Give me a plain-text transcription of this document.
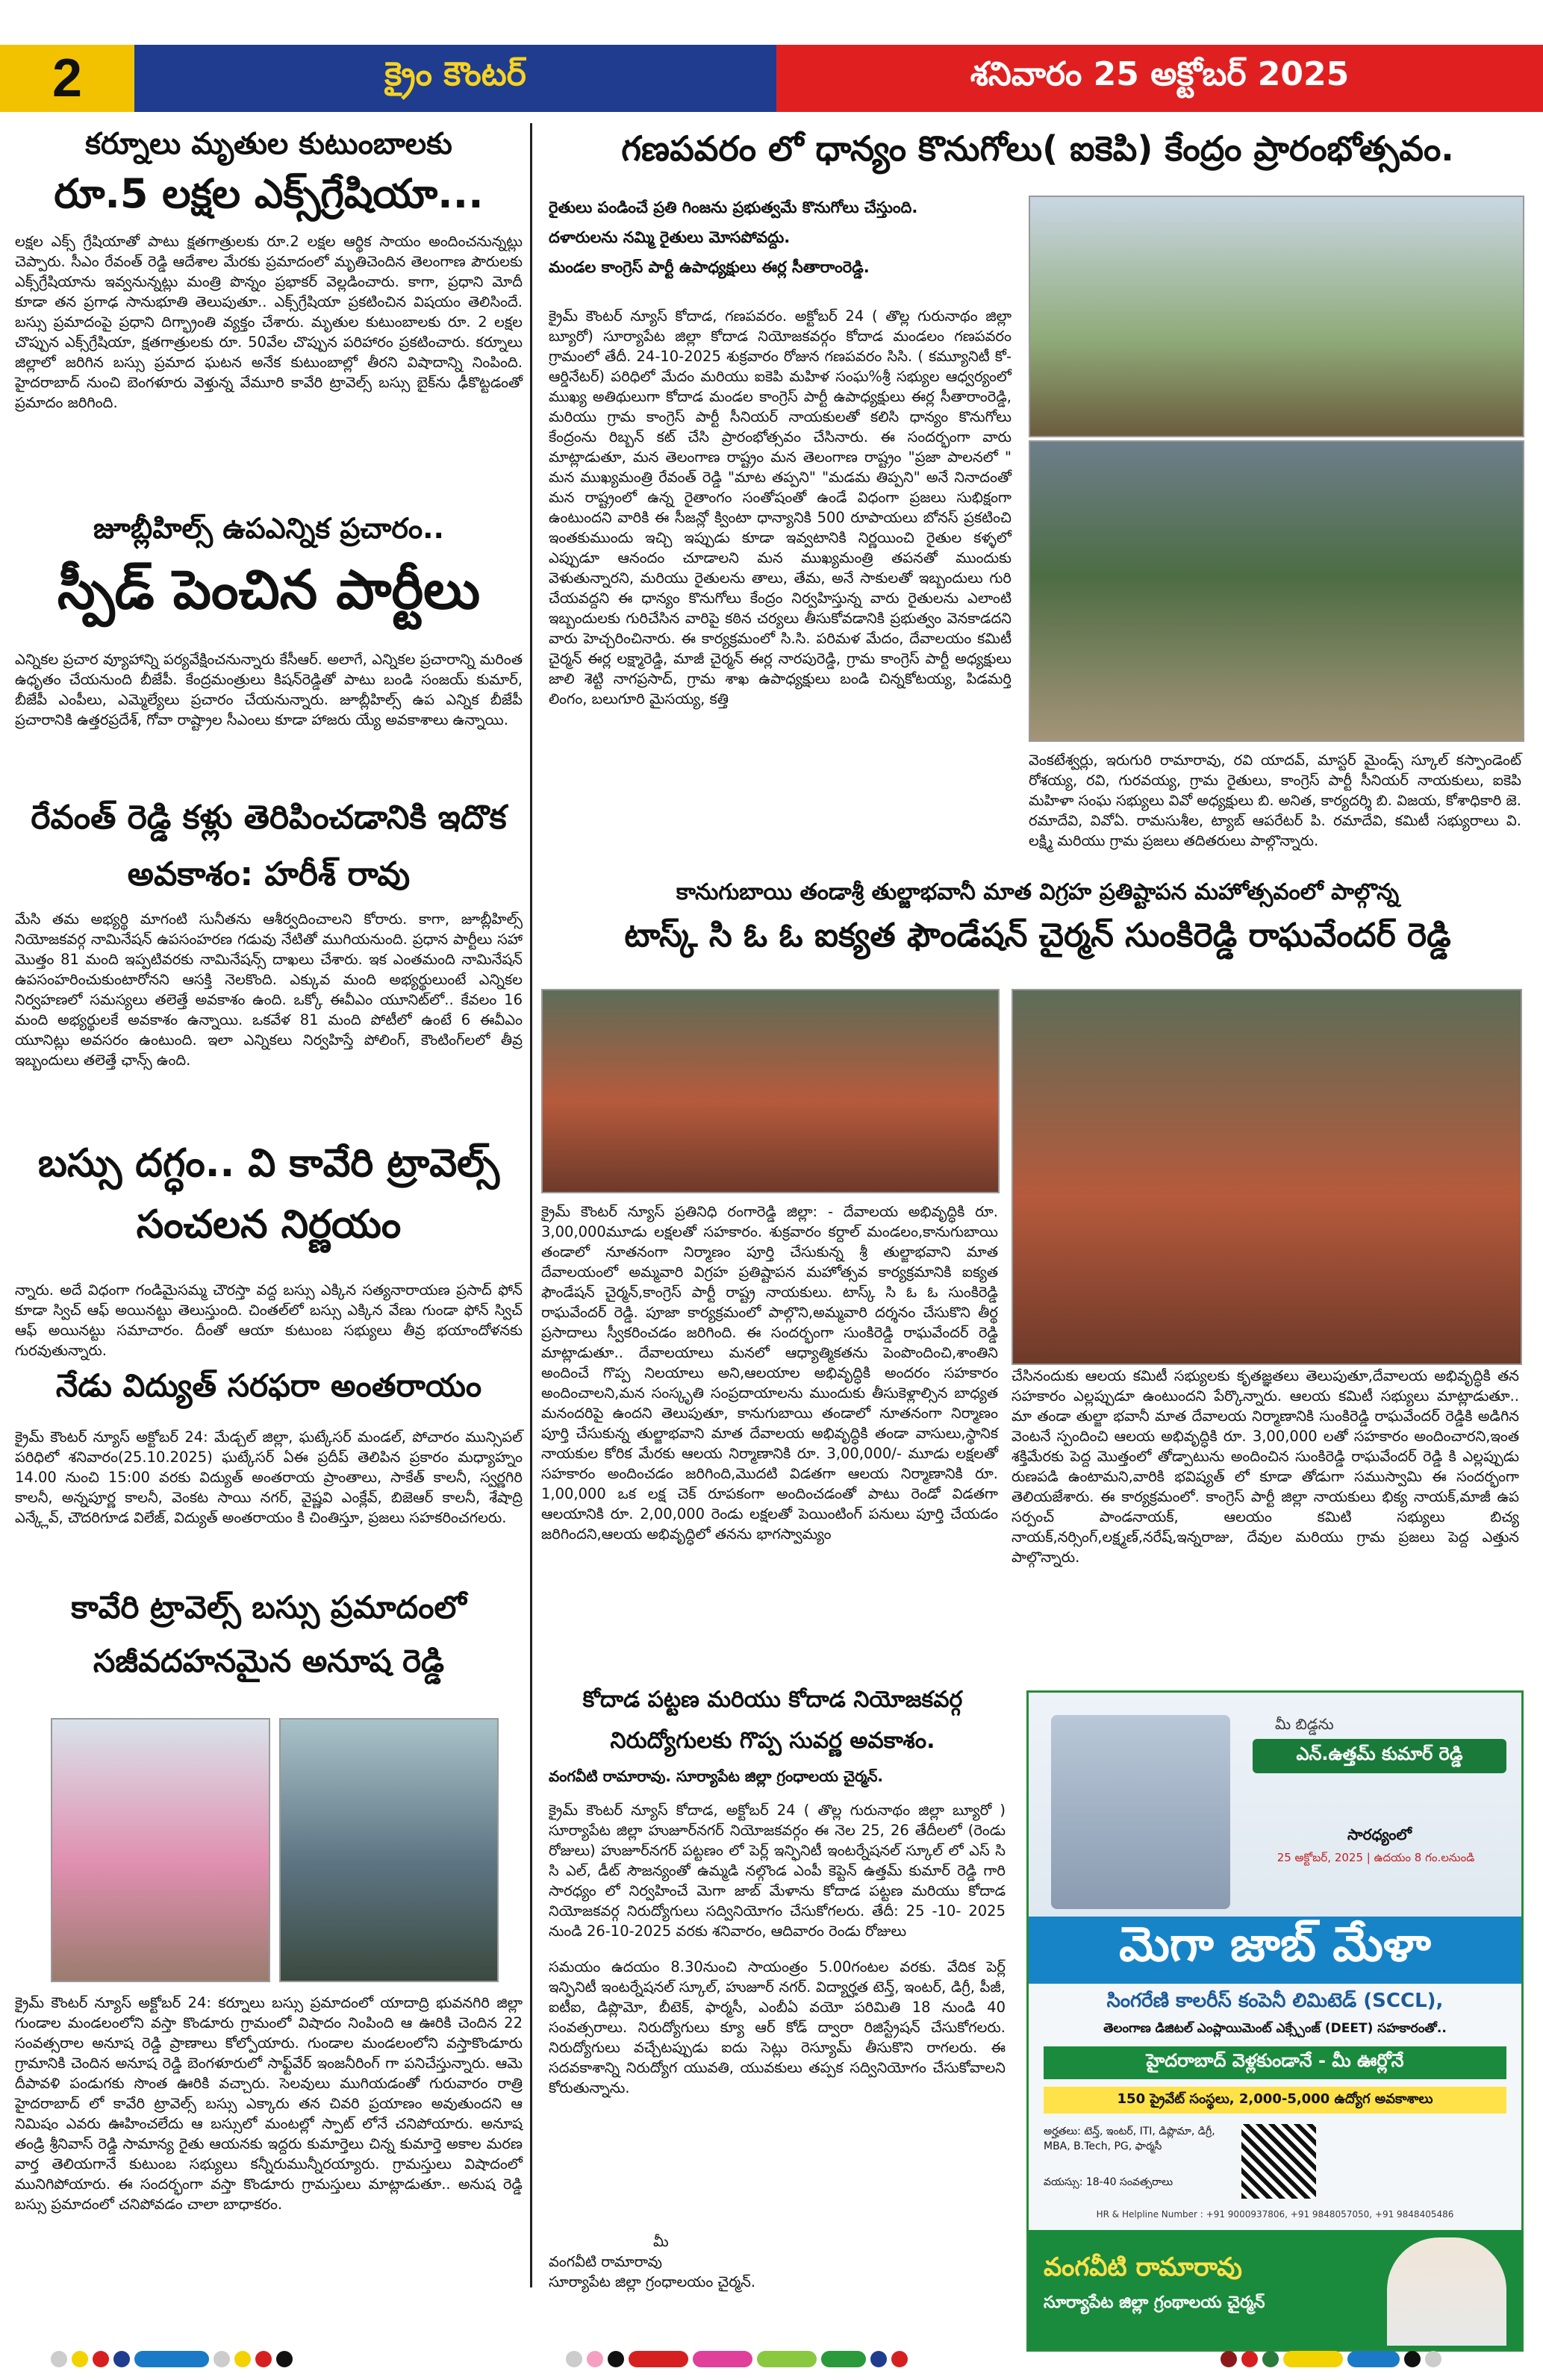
2	క్రైం కౌంటర్	శనివారం 25 అక్టోబర్ 2025
కర్నూలు మృతుల కుటుంబాలకు
రూ.5 లక్షల ఎక్స్‌గ్రేషియా...
లక్షల ఎక్స్ గ్రేషియాతో పాటు క్షతగాత్రులకు రూ.2 లక్షల ఆర్థిక సాయం అందించనున్నట్లు చెప్పారు. సీఎం రేవంత్ రెడ్డి ఆదేశాల మేరకు ప్రమాదంలో మృతిచెందిన తెలంగాణ పౌరులకు ఎక్స్‌గ్రేషియాను ఇవ్వనున్నట్లు మంత్రి పొన్నం ప్రభాకర్ వెల్లడించారు. కాగా, ప్రధాని మోదీ కూడా తన ప్రగాఢ సానుభూతి తెలుపుతూ.. ఎక్స్‌గ్రేషియా ప్రకటించిన విషయం తెలిసిందే. బస్సు ప్రమాదంపై ప్రధాని దిగ్భ్రాంతి వ్యక్తం చేశారు. మృతుల కుటుంబాలకు రూ. 2 లక్షల చొప్పున ఎక్స్‌గ్రేషియా, క్షతగాత్రులకు రూ. 50వేల చొప్పున పరిహారం ప్రకటించారు. కర్నూలు జిల్లాలో జరిగిన బస్సు ప్రమాద ఘటన అనేక కుటుంబాల్లో తీరని విషాదాన్ని నింపింది. హైదరాబాద్ నుంచి బెంగళూరు వెళ్తున్న వేమూరి కావేరి ట్రావెల్స్ బస్సు బైక్‌ను ఢీకొట్టడంతో ప్రమాదం జరిగింది.
జూబ్లీహిల్స్ ఉపఎన్నిక ప్రచారం..
స్పీడ్ పెంచిన పార్టీలు
ఎన్నికల ప్రచార వ్యూహాన్ని పర్యవేక్షించనున్నారు కేసీఆర్. అలాగే, ఎన్నికల ప్రచారాన్ని మరింత ఉధృతం చేయనుంది బీజేపీ. కేంద్రమంత్రులు కిషన్‌రెడ్డితో పాటు బండి సంజయ్ కుమార్, బీజేపీ ఎంపీలు, ఎమ్మెల్యేలు ప్రచారం చేయనున్నారు. జూబ్లీహిల్స్ ఉప ఎన్నిక బీజేపీ ప్రచారానికి ఉత్తరప్రదేశ్, గోవా రాష్ట్రాల సీఎంలు కూడా హాజరు య్యే అవకాశాలు ఉన్నాయి.
రేవంత్ రెడ్డి కళ్లు తెరిపించడానికి ఇదొక అవకాశం: హరీశ్ రావు
మేసి తమ అభ్యర్థి మాగంటి సునీతను ఆశీర్వదించాలని కోరారు. కాగా, జూబ్లీహిల్స్ నియోజకవర్గ నామినేషన్ ఉపసంహరణ గడువు నేటితో ముగియనుంది. ప్రధాన పార్టీలు సహా మొత్తం 81 మంది ఇప్పటివరకు నామినేషన్స్ దాఖలు చేశారు. ఇక ఎంతమంది నామినేషన్ ఉపసంహరించుకుంటారోనని ఆసక్తి నెలకొంది. ఎక్కువ మంది అభ్యర్థులుంటే ఎన్నికల నిర్వహణలో సమస్యలు తలెత్తే అవకాశం ఉంది. ఒక్కో ఈవీఎం యూనిట్‌లో.. కేవలం 16 మంది అభ్యర్థులకే అవకాశం ఉన్నాయి. ఒకవేళ 81 మంది పోటీలో ఉంటే 6 ఈవీఎం యూనిట్లు అవసరం ఉంటుంది. ఇలా ఎన్నికలు నిర్వహిస్తే పోలింగ్, కౌంటింగ్‌లలో తీవ్ర ఇబ్బందులు తలెత్తే ఛాన్స్ ఉంది.
బస్సు దగ్ధం.. వి కావేరి ట్రావెల్స్ సంచలన నిర్ణయం
న్నారు. అదే విధంగా గండిమైసమ్మ చౌరస్తా వద్ద బస్సు ఎక్కిన సత్యనారాయణ ప్రసాద్ ఫోన్ కూడా స్విచ్ ఆఫ్ అయినట్టు తెలుస్తుంది. చింతల్‌లో బస్సు ఎక్కిన వేణు గుండా ఫోన్ స్విచ్ ఆఫ్ అయినట్టు సమాచారం. దీంతో ఆయా కుటుంబ సభ్యులు తీవ్ర భయాందోళనకు గురవుతున్నారు.
నేడు విద్యుత్ సరఫరా అంతరాయం
క్రైమ్ కౌంటర్ న్యూస్ అక్టోబర్ 24: మేడ్చల్ జిల్లా, ఘట్కేసర్ మండల్, పోచారం మున్సిపల్ పరిధిలో శనివారం(25.10.2025) ఘట్కేసర్ ఏఈ ప్రదీప్ తెలిపిన ప్రకారం మధ్యాహ్నం 14.00 నుంచి 15:00 వరకు విద్యుత్ అంతరాయ ప్రాంతాలు, సాకేత్ కాలనీ, స్వర్ణగిరి కాలనీ, అన్నపూర్ణ కాలనీ, వెంకట సాయి నగర్, వైష్ణవి ఎంక్లేవ్, బిజెఆర్ కాలనీ, శేషాద్రి ఎన్క్లేవ్, చౌదరిగూడ విలేజ్, విద్యుత్ అంతరాయం కి చింతిస్తూ, ప్రజలు సహకరించగలరు.
కావేరి ట్రావెల్స్ బస్సు ప్రమాదంలో సజీవదహనమైన అనూష రెడ్డి
క్రైమ్ కౌంటర్ న్యూస్ అక్టోబర్ 24: కర్నూలు బస్సు ప్రమాదంలో యాదాద్రి భువనగిరి జిల్లా గుండాల మండలంలోని వస్తా కొండూరు గ్రామంలో విషాదం నింపింది ఆ ఊరికి చెందిన 22 సంవత్సరాల అనూష రెడ్డి ప్రాణాలు కోల్పోయారు. గుండాల మండలంలోని వస్తాకొండూరు గ్రామానికి చెందిన అనూష రెడ్డి బెంగళూరులో సాఫ్ట్‌వేర్ ఇంజనీరింగ్ గా పనిచేస్తున్నారు. ఆమె దీపావళి పండుగకు సొంత ఊరికి వచ్చారు. సెలవులు ముగియడంతో గురువారం రాత్రి హైదరాబాద్ లో కావేరి ట్రావెల్స్ బస్సు ఎక్కారు తన చివరి ప్రయాణం అవుతుందని ఆ నిమిషం ఎవరు ఊహించలేదు ఆ బస్సులో మంటల్లో స్పాట్ లోనే చనిపోయారు. అనూష తండ్రి శ్రీనివాస్ రెడ్డి సామాన్య రైతు ఆయనకు ఇద్దరు కుమార్తెలు చిన్న కుమార్తె అకాల మరణ వార్త తెలియగానే కుటుంబ సభ్యులు కన్నీరుమున్నీరయ్యారు. గ్రామస్తులు విషాదంలో మునిగిపోయారు. ఈ సందర్భంగా వస్తా కొండూరు గ్రామస్తులు మాట్లాడుతూ.. అనుష రెడ్డి బస్సు ప్రమాదంలో చనిపోవడం చాలా బాధాకరం.
గణపవరం లో ధాన్యం కొనుగోలు( ఐకెపి) కేంద్రం ప్రారంభోత్సవం.
రైతులు పండించే ప్రతి గింజను ప్రభుత్వమే కొనుగోలు చేస్తుంది.
దళారులను నమ్మి రైతులు మోసపోవద్దు.
మండల కాంగ్రెస్ పార్టీ ఉపాధ్యక్షులు ఈర్ల సీతారాంరెడ్డి.
క్రైమ్ కౌంటర్ న్యూస్ కోదాడ, గణపవరం. అక్టోబర్ 24 ( తొల్ల గురునాథం జిల్లా బ్యూరో) సూర్యాపేట జిల్లా కోదాడ నియోజకవర్గం కోదాడ మండలం గణపవరం గ్రామంలో తేదీ. 24-10-2025 శుక్రవారం రోజున గణపవరం సిసి. ( కమ్యూనిటీ కో-ఆర్డినేటర్) పరిధిలో మేదం మరియు ఐకెపి మహిళ సంఘ%శ్రీ సభ్యుల ఆధ్వర్యంలో ముఖ్య అతిథులుగా కోదాడ మండల కాంగ్రెస్ పార్టీ ఉపాధ్యక్షులు ఈర్ల సీతారాంరెడ్డి, మరియు గ్రామ కాంగ్రెస్ పార్టీ సీనియర్ నాయకులతో కలిసి ధాన్యం కొనుగోలు కేంద్రంను రిబ్బన్ కట్ చేసి ప్రారంభోత్సవం చేసినారు. ఈ సందర్భంగా వారు మాట్లాడుతూ, మన తెలంగాణ రాష్ట్రం మన తెలంగాణ రాష్ట్రం "ప్రజా పాలనలో " మన ముఖ్యమంత్రి రేవంత్ రెడ్డి "మాట తప్పని" "మడమ తిప్పని" అనే నినాదంతో మన రాష్ట్రంలో ఉన్న రైతాంగం సంతోషంతో ఉండే విధంగా ప్రజలు సుభిక్షంగా ఉంటుందని వారికి ఈ సీజన్లో క్వింటా ధాన్యానికి 500 రూపాయలు బోనస్ ప్రకటించి ఇంతకుముందు ఇచ్చి ఇప్పుడు కూడా ఇవ్వటానికి నిర్ణయించి రైతుల కళ్ళలో ఎప్పుడూ ఆనందం చూడాలని మన ముఖ్యమంత్రి తపనతో ముందుకు వెళుతున్నారని, మరియు రైతులను తాలు, తేమ, అనే సాకులతో ఇబ్బందులు గురి చేయవద్దని ఈ ధాన్యం కొనుగోలు కేంద్రం నిర్వహిస్తున్న వారు రైతులను ఎలాంటి ఇబ్బందులకు గురిచేసిన వారిపై కఠిన చర్యలు తీసుకోవడానికి ప్రభుత్వం వెనకాడదని వారు హెచ్చరించినారు. ఈ కార్యక్రమంలో సి.సి. పరిమళ మేదం, దేవాలయం కమిటీ చైర్మన్ ఈర్ల లక్ష్మారెడ్డి, మాజీ చైర్మన్ ఈర్ల నారపురెడ్డి, గ్రామ కాంగ్రెస్ పార్టీ అధ్యక్షులు జాలి శెట్టి నాగప్రసాద్, గ్రామ శాఖ ఉపాధ్యక్షులు బండి చిన్నకోటయ్య, పిడమర్తి లింగం, బలుగూరి మైసయ్య, కత్తి
వెంకటేశ్వర్లు, ఇరుగురి రామారావు, రవి యాదవ్, మాస్టర్ మైండ్స్ స్కూల్ కస్పాండెంట్ రోశయ్య, రవి, గురవయ్య, గ్రామ రైతులు, కాంగ్రెస్ పార్టీ సీనియర్ నాయకులు, ఐకెపి మహిళా సంఘ సభ్యులు వివో అధ్యక్షులు బి. అనిత, కార్యదర్శి బి. విజయ, కోశాధికారి జె. రమాదేవి, వివోఏ. రామసుశీల, ట్యాబ్ ఆపరేటర్ పి. రమాదేవి, కమిటీ సభ్యురాలు వి. లక్ష్మి మరియు గ్రామ ప్రజలు తదితరులు పాల్గొన్నారు.
కానుగుబాయి తండాశ్రీ తుల్జాభవానీ మాత విగ్రహ ప్రతిష్టాపన మహోత్సవంలో పాల్గొన్న
టాస్క్ సి ఓ ఓ ఐక్యత ఫౌండేషన్ చైర్మన్ సుంకిరెడ్డి రాఘవేందర్ రెడ్డి
క్రైమ్ కౌంటర్ న్యూస్ ప్రతినిధి రంగారెడ్డి జిల్లా: - దేవాలయ అభివృద్ధికి రూ. 3,00,000మూడు లక్షలతో సహకారం. శుక్రవారం కర్దాల్ మండలం,కానుగుబాయి తండాలో నూతనంగా నిర్మాణం పూర్తి చేసుకున్న శ్రీ తుల్జాభవాని మాత దేవాలయంలో అమ్మవారి విగ్రహ ప్రతిష్టాపన మహోత్సవ కార్యక్రమానికి ఐక్యత ఫౌండేషన్ చైర్మన్,కాంగ్రెస్ పార్టీ రాష్ట్ర నాయకులు. టాస్క్ సి ఓ ఓ సుంకిరెడ్డి రాఘవేందర్ రెడ్డి. పూజా కార్యక్రమంలో పాల్గొని,అమ్మవారి దర్శనం చేసుకొని తీర్థ ప్రసాదాలు స్వీకరించడం జరిగింది. ఈ సందర్భంగా సుంకిరెడ్డి రాఘవేందర్ రెడ్డి మాట్లాడుతూ.. దేవాలయాలు మనలో ఆధ్యాత్మికతను పెంపొందించి,శాంతిని అందించే గొప్ప నిలయాలు అని,ఆలయాల అభివృద్ధికి అందరం సహకారం అందించాలని,మన సంస్కృతి సంప్రదాయాలను ముందుకు తీసుకెళ్లాల్సిన బాధ్యత మనందరిపై ఉందని తెలుపుతూ, కానుగుబాయి తండాలో నూతనంగా నిర్మాణం పూర్తి చేసుకున్న తుల్జాభవాని మాత దేవాలయ అభివృద్ధికి తండా వాసులు,స్థానిక నాయకుల కోరిక మేరకు ఆలయ నిర్మాణానికి రూ. 3,00,000/- మూడు లక్షలతో సహకారం అందించడం జరిగింది,మొదటి విడతగా ఆలయ నిర్మాణానికి రూ. 1,00,000 ఒక లక్ష చెక్ రూపకంగా అందించడంతో పాటు రెండో విడతగా ఆలయానికి రూ. 2,00,000 రెండు లక్షలతో పెయింటింగ్ పనులు పూర్తి చేయడం జరిగిందని,ఆలయ అభివృద్ధిలో తనను భాగస్వామ్యం
చేసినందుకు ఆలయ కమిటీ సభ్యులకు కృతజ్ఞతలు తెలుపుతూ,దేవాలయ అభివృద్ధికి తన సహకారం ఎల్లప్పుడూ ఉంటుందని పేర్కొన్నారు. ఆలయ కమిటీ సభ్యులు మాట్లాడుతూ.. మా తండా తుల్జా భవానీ మాత దేవాలయ నిర్మాణానికి సుంకిరెడ్డి రాఘవేందర్ రెడ్డికి అడిగిన వెంటనే స్పందించి ఆలయ అభివృద్ధికి రూ. 3,00,000 లతో సహకారం అందించారని,ఇంత శక్తిమేరకు పెద్ద మొత్తంలో తోడ్పాటును అందించిన సుంకిరెడ్డి రాఘవేందర్ రెడ్డి కి ఎల్లప్పుడు రుణపడి ఉంటామని,వారికి భవిష్యత్ లో కూడా తోడుగా సముస్వామి ఈ సందర్భంగా తెలియజేశారు. ఈ కార్యక్రమంలో. కాంగ్రెస్ పార్టీ జిల్లా నాయకులు భిక్య నాయక్,మాజీ ఉప సర్పంచ్ పాండనాయక్, ఆలయం కమిటి సభ్యులు బిచ్య నాయక్,నర్సింగ్,లక్ష్మణ్,నరేష్,ఇన్నరాజు, దేవుల మరియు గ్రామ ప్రజలు పెద్ద ఎత్తున పాల్గొన్నారు.
కోదాడ పట్టణ మరియు కోదాడ నియోజకవర్గ
నిరుద్యోగులకు గొప్ప సువర్ణ అవకాశం.
వంగవీటి రామారావు. సూర్యాపేట జిల్లా గ్రంధాలయ చైర్మన్.
క్రైమ్ కౌంటర్ న్యూస్ కోదాడ, అక్టోబర్ 24 ( తొల్ల గురునాథం జిల్లా బ్యూరో ) సూర్యాపేట జిల్లా హుజూర్‌నగర్ నియోజకవర్గం ఈ నెల 25, 26 తేదీలలో (రెండు రోజులు) హుజూర్‌నగర్ పట్టణం లో పెర్ల్ ఇన్ఫినిటీ ఇంటర్నేషనల్ స్కూల్ లో ఎస్ సి సి ఎల్, డీట్ సౌజన్యంతో ఉమ్మడి నల్గొండ ఎంపీ కెప్టెన్ ఉత్తమ్ కుమార్ రెడ్డి గారి సారధ్యం లో నిర్వహించే మెగా జాబ్ మేళాను కోదాడ పట్టణ మరియు కోదాడ నియోజకవర్గ నిరుద్యోగులు సద్వినియోగం చేసుకోగలరు. తేదీ: 25 -10- 2025 నుండి 26-10-2025 వరకు శనివారం, ఆదివారం రెండు రోజులు
సమయం ఉదయం 8.30నుంచి సాయంత్రం 5.00గంటల వరకు. వేదిక పెర్ల్ ఇన్ఫినిటీ ఇంటర్నేషనల్ స్కూల్, హుజూర్ నగర్. విద్యార్హత టెన్త్, ఇంటర్, డిగ్రీ, పీజీ, ఐటీఐ, డిప్లొమో, బీటెక్, ఫార్మసీ, ఎంబీఏ వయో పరిమితి 18 నుండి 40 సంవత్సరాలు. నిరుద్యోగులు క్యూ ఆర్ కోడ్ ద్వారా రిజిస్ట్రేషన్ చేసుకోగలరు. నిరుద్యోగులు వచ్చేటప్పుడు ఐదు సెట్లు రెస్యూమ్ తీసుకొని రాగలరు. ఈ సదవకాశాన్ని నిరుద్యోగ యువతి, యువకులు తప్పక సద్వినియోగం చేసుకోవాలని కోరుతున్నాను.
మీ
వంగవీటి రామారావు
సూర్యాపేట జిల్లా గ్రంధాలయం చైర్మన్.
మీ బిడ్డను
ఎన్.ఉత్తమ్ కుమార్ రెడ్డి
సారధ్యంలో
25 అక్టోబర్, 2025 | ఉదయం 8 గం.లనుండి
మెగా జాబ్ మేళా
సింగరేణి కాలరీస్ కంపెనీ లిమిటెడ్ (SCCL),
తెలంగాణ డిజిటల్ ఎంప్లాయిమెంట్ ఎక్స్చేంజ్ (DEET) సహకారంతో..
హైదరాబాద్ వెళ్లకుండానే - మీ ఊర్లోనే
150 ప్రైవేట్ సంస్థలు, 2,000-5,000 ఉద్యోగ అవకాశాలు
అర్హతలు: టెన్త్, ఇంటర్, ITI, డిప్లొమా, డిగ్రీ, MBA, B.Tech, PG, ఫార్మసీ
వయస్సు: 18-40 సంవత్సరాలు
HR & Helpline Number : +91 9000937806, +91 9848057050, +91 9848405486
వంగవీటి రామారావు
సూర్యాపేట జిల్లా గ్రంథాలయ చైర్మన్
